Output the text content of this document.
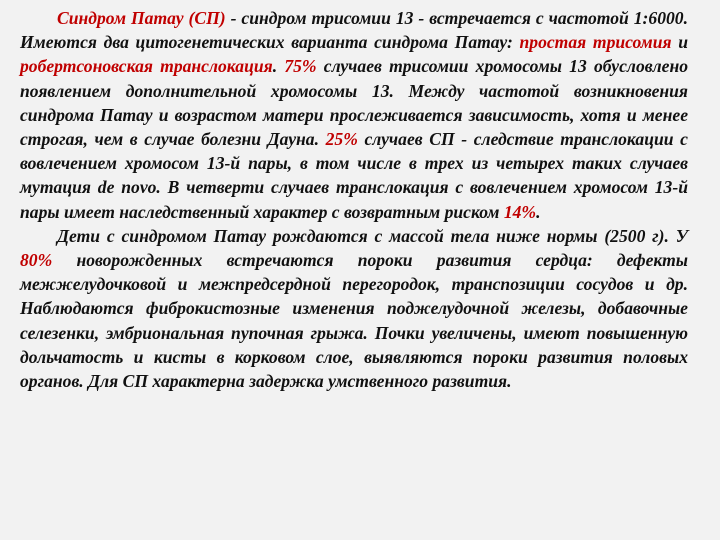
Синдром Патау (СП) - синдром трисомии 13 - встречается с частотой 1:6000. Имеются два цитогенетических варианта синдрома Патау: простая трисомия и робертсоновская транслокация. 75% случаев трисомии хромосомы 13 обусловлено появлением дополнительной хромосомы 13. Между частотой возникновения синдрома Патау и возрастом матери прослеживается зависимость, хотя и менее строгая, чем в случае болезни Дауна. 25% случаев СП - следствие транслокации с вовлечением хромосом 13-й пары, в том числе в трех из четырех таких случаев мутация de novo. В четверти случаев транслокация с вовлечением хромосом 13-й пары имеет наследственный характер с возвратным риском 14%.

Дети с синдромом Патау рождаются с массой тела ниже нормы (2500 г). У 80% новорожденных встречаются пороки развития сердца: дефекты межжелудочковой и межпредсердной перегородок, транспозиции сосудов и др. Наблюдаются фиброкистозные изменения поджелудочной железы, добавочные селезенки, эмбриональная пупочная грыжа. Почки увеличены, имеют повышенную дольчатость и кисты в корковом слое, выявляются пороки развития половых органов. Для СП характерна задержка умственного развития.
